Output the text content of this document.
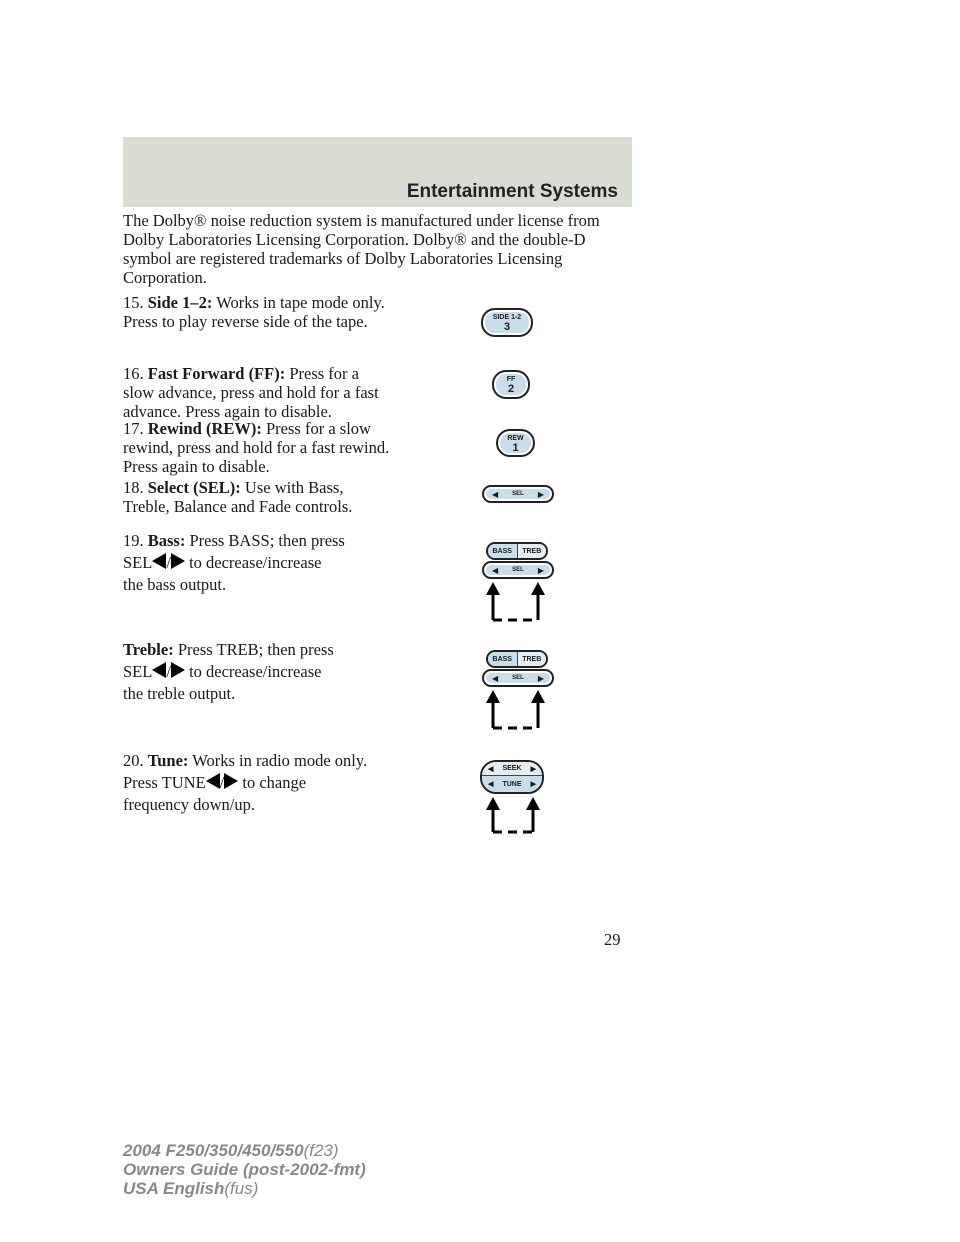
Entertainment Systems
The Dolby® noise reduction system is manufactured under license from Dolby Laboratories Licensing Corporation. Dolby® and the double-D symbol are registered trademarks of Dolby Laboratories Licensing Corporation.
15. Side 1–2: Works in tape mode only. Press to play reverse side of the tape.
16. Fast Forward (FF): Press for a slow advance, press and hold for a fast advance. Press again to disable.
17. Rewind (REW): Press for a slow rewind, press and hold for a fast rewind. Press again to disable.
18. Select (SEL): Use with Bass, Treble, Balance and Fade controls.
19. Bass: Press BASS; then press
SEL / to decrease/increase
the bass output.
Treble: Press TREB; then press
SEL / to decrease/increase
the treble output.
20. Tune: Works in radio mode only.
Press TUNE / to change
frequency down/up.
SIDE 1-2
3
FF
2
REW
1
◀	SEL	▶
BASS	TREB
◀	SEL	▶
BASS	TREB
◀	SEL	▶
◀ SEEK ▶
◀ TUNE ▶
29
2004 F250/350/450/550(f23)
Owners Guide (post-2002-fmt)
USA English(fus)
